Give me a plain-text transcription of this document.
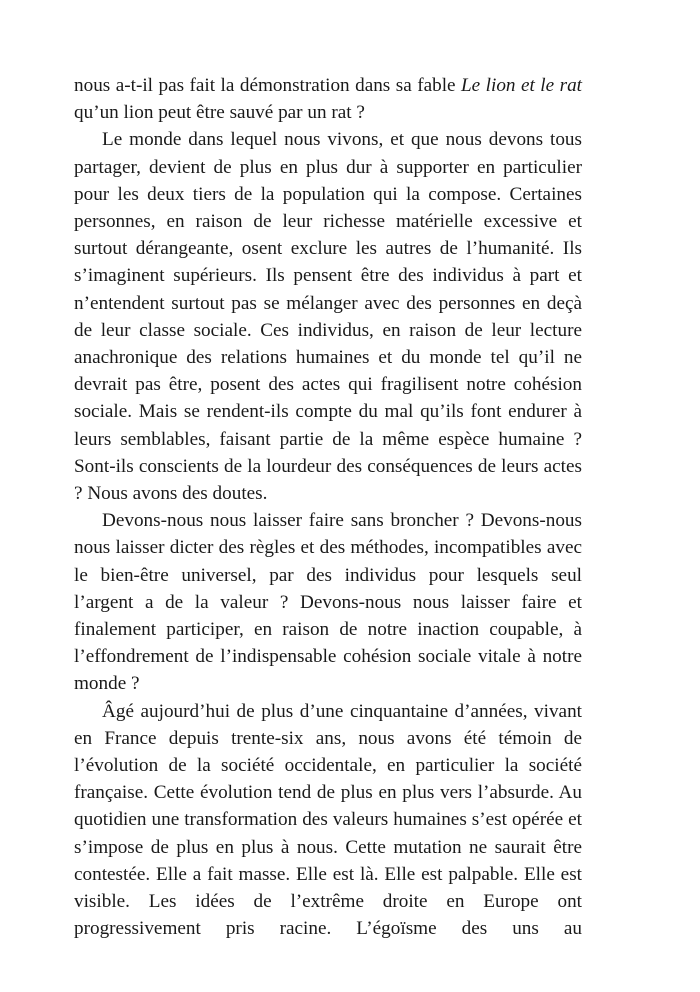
nous a-t-il pas fait la démonstration dans sa fable Le lion et le rat qu’un lion peut être sauvé par un rat ?

Le monde dans lequel nous vivons, et que nous devons tous partager, devient de plus en plus dur à supporter en particulier pour les deux tiers de la population qui la compose. Certaines personnes, en raison de leur richesse matérielle excessive et surtout dérangeante, osent exclure les autres de l’humanité. Ils s’imaginent supérieurs. Ils pensent être des individus à part et n’entendent surtout pas se mélanger avec des personnes en deçà de leur classe sociale. Ces individus, en raison de leur lecture anachronique des relations humaines et du monde tel qu’il ne devrait pas être, posent des actes qui fragilisent notre cohésion sociale. Mais se rendent-ils compte du mal qu’ils font endurer à leurs semblables, faisant partie de la même espèce humaine ? Sont-ils conscients de la lourdeur des conséquences de leurs actes ? Nous avons des doutes.

Devons-nous nous laisser faire sans broncher ? Devons-nous nous laisser dicter des règles et des méthodes, incompatibles avec le bien-être universel, par des individus pour lesquels seul l’argent a de la valeur ? Devons-nous nous laisser faire et finalement participer, en raison de notre inaction coupable, à l’effondrement de l’indispensable cohésion sociale vitale à notre monde ?

Âgé aujourd’hui de plus d’une cinquantaine d’années, vivant en France depuis trente-six ans, nous avons été témoin de l’évolution de la société occidentale, en particulier la société française. Cette évolution tend de plus en plus vers l’absurde. Au quotidien une transformation des valeurs humaines s’est opérée et s’impose de plus en plus à nous. Cette mutation ne saurait être contestée. Elle a fait masse. Elle est là. Elle est palpable. Elle est visible. Les idées de l’extrême droite en Europe ont progressivement pris racine. L’égoïsme des uns au
